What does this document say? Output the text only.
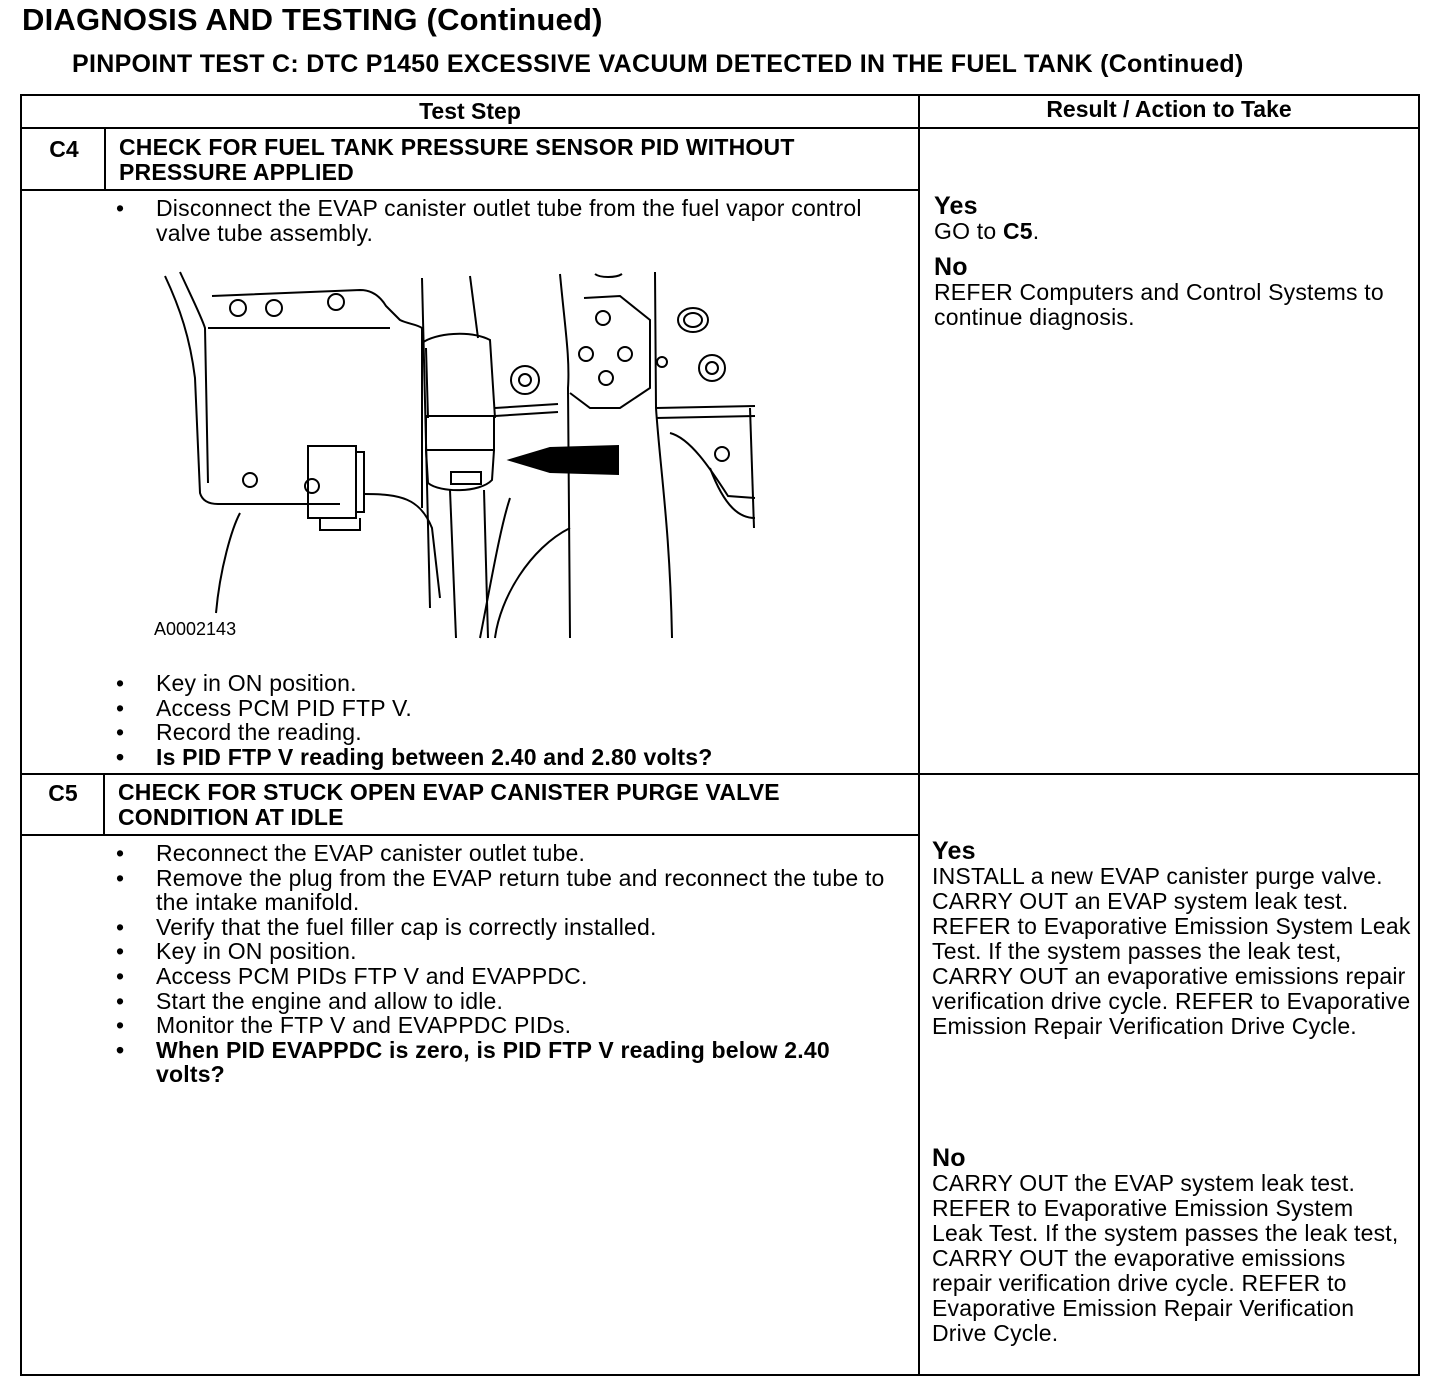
DIAGNOSIS AND TESTING (Continued)
PINPOINT TEST C: DTC P1450 EXCESSIVE VACUUM DETECTED IN THE FUEL TANK (Continued)
Test Step	Result / Action to Take
C4	CHECK FOR FUEL TANK PRESSURE SENSOR PID WITHOUT PRESSURE APPLIED
• Disconnect the EVAP canister outlet tube from the fuel vapor control valve tube assembly.
A0002143
• Key in ON position.
• Access PCM PID FTP V.
• Record the reading.
• Is PID FTP V reading between 2.40 and 2.80 volts?
Yes
GO to C5.
No
REFER Computers and Control Systems to continue diagnosis.
C5	CHECK FOR STUCK OPEN EVAP CANISTER PURGE VALVE CONDITION AT IDLE
• Reconnect the EVAP canister outlet tube.
• Remove the plug from the EVAP return tube and reconnect the tube to the intake manifold.
• Verify that the fuel filler cap is correctly installed.
• Key in ON position.
• Access PCM PIDs FTP V and EVAPPDC.
• Start the engine and allow to idle.
• Monitor the FTP V and EVAPPDC PIDs.
• When PID EVAPPDC is zero, is PID FTP V reading below 2.40 volts?
Yes
INSTALL a new EVAP canister purge valve. CARRY OUT an EVAP system leak test. REFER to Evaporative Emission System Leak Test. If the system passes the leak test, CARRY OUT an evaporative emissions repair verification drive cycle. REFER to Evaporative Emission Repair Verification Drive Cycle.
No
CARRY OUT the EVAP system leak test. REFER to Evaporative Emission System Leak Test. If the system passes the leak test, CARRY OUT the evaporative emissions repair verification drive cycle. REFER to Evaporative Emission Repair Verification Drive Cycle.
